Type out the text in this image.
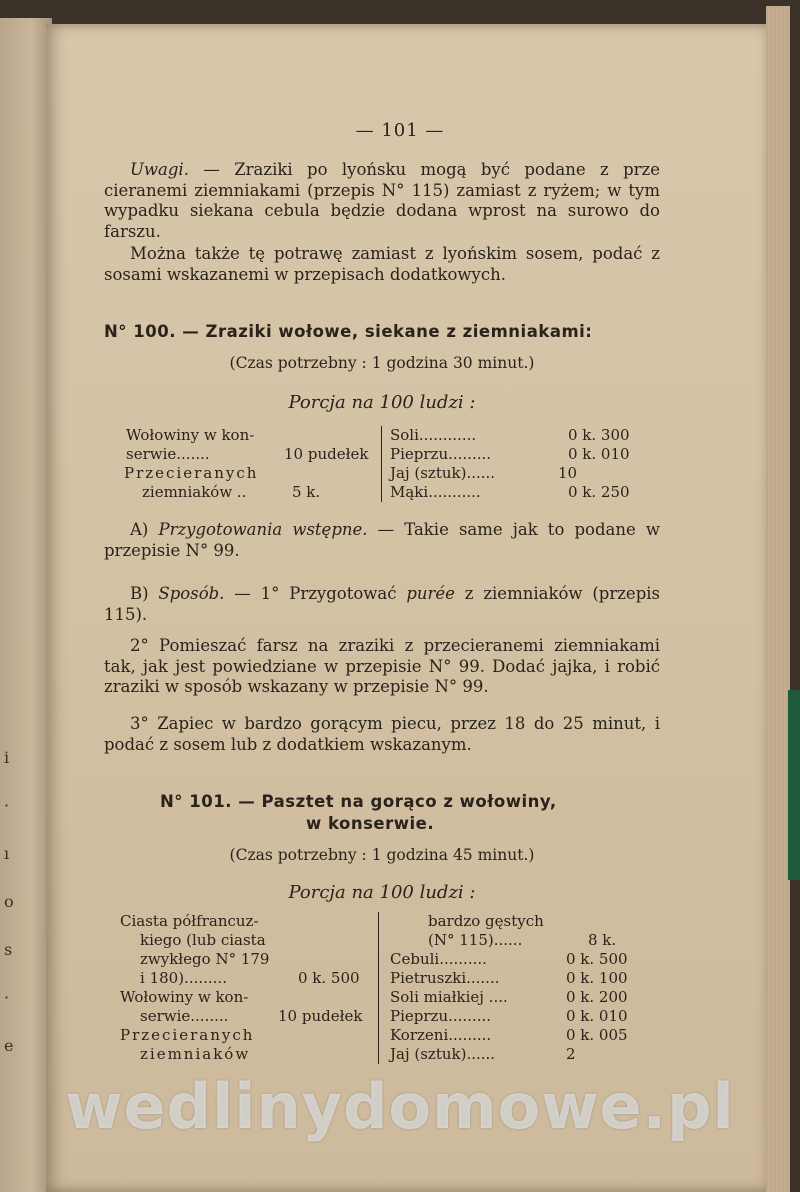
i
·
ı
o
s
·
e
— 101 —
Uwagi. — Zraziki po lyońsku mogą być podane z prze cieranemi ziemniakami (przepis N° 115) zamiast z ryżem; w tym wypadku siekana cebula będzie dodana wprost na surowo do farszu.
Można także tę potrawę zamiast z lyońskim sosem, podać z sosami wskazanemi w przepisach dodatkowych.
N° 100. — Zraziki wołowe, siekane z ziemniakami:
(Czas potrzebny : 1 godzina 30 minut.)
Porcja na 100 ludzi :
Wołowiny w kon-
serwie.......	10 pudełek
Przecieranych
ziemniaków ..	5 k.
Soli............	0 k. 300
Pieprzu.........	0 k. 010
Jaj (sztuk)......	10
Mąki...........	0 k. 250
A) Przygotowania wstępne. — Takie same jak to podane w przepisie N° 99.
B) Sposób. — 1° Przygotować purée z ziemniaków (przepis 115).
2° Pomieszać farsz na zraziki z przecieranemi ziemniakami tak, jak jest powiedziane w przepisie N° 99. Dodać jajka, i robić zraziki w sposób wskazany w przepisie N° 99.
3° Zapiec w bardzo gorącym piecu, przez 18 do 25 minut, i podać z sosem lub z dodatkiem wskazanym.
N° 101. — Pasztet na gorąco z wołowiny,
w konserwie.
(Czas potrzebny : 1 godzina 45 minut.)
Porcja na 100 ludzi :
Ciasta półfrancuz-
kiego (lub ciasta
zwykłego N° 179
i 180).........	0 k. 500
Wołowiny w kon-
serwie........	10 pudełek
Przecieranych
ziemniaków
bardzo gęstych
(N° 115)......	8 k.
Cebuli..........	0 k. 500
Pietruszki.......	0 k. 100
Soli miałkiej ....	0 k. 200
Pieprzu.........	0 k. 010
Korzeni.........	0 k. 005
Jaj (sztuk)......	2
wedlinydomowe.pl
